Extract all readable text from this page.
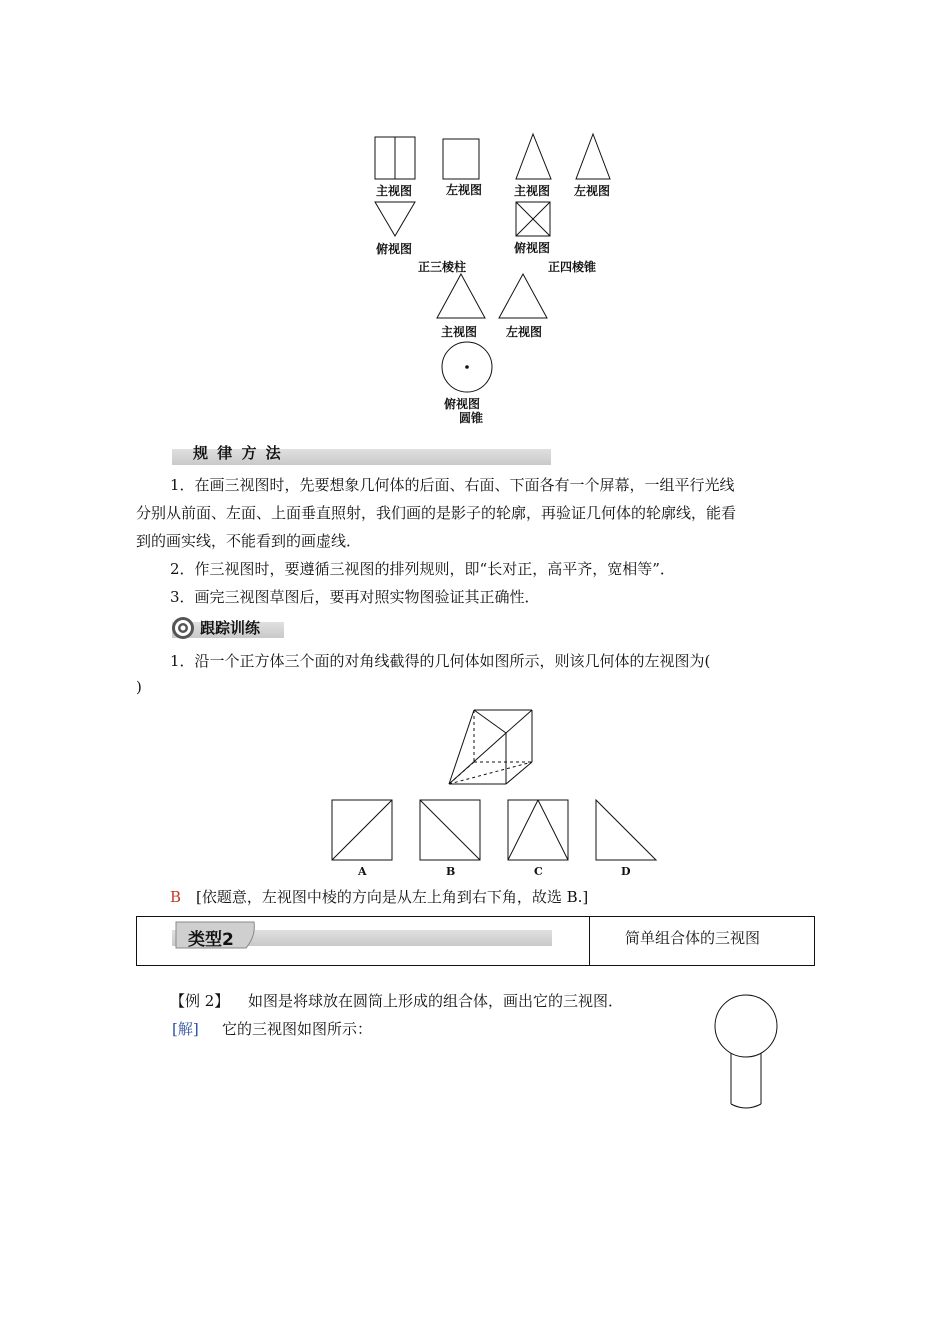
主视图	左视图
俯视图
正三棱柱
主视图 左视图
俯视图
正四棱锥
主视图 左视图
俯视图
圆锥
规 律 方 法
1．在画三视图时，先要想象几何体的后面、右面、下面各有一个屏幕，一组平行光线
分别从前面、左面、上面垂直照射，我们画的是影子的轮廓，再验证几何体的轮廓线，能看
到的画实线，不能看到的画虚线．
2．作三视图时，要遵循三视图的排列规则，即“长对正，高平齐，宽相等”．
3．画完三视图草图后，要再对照实物图验证其正确性．
跟踪训练
1．沿一个正方体三个面的对角线截得的几何体如图所示，则该几何体的左视图为(
)
A	B	C	D
B [依题意，左视图中棱的方向是从左上角到右下角，故选 B.]
类型2	简单组合体的三视图
【例 2】 如图是将球放在圆筒上形成的组合体，画出它的三视图．
[解] 它的三视图如图所示：
